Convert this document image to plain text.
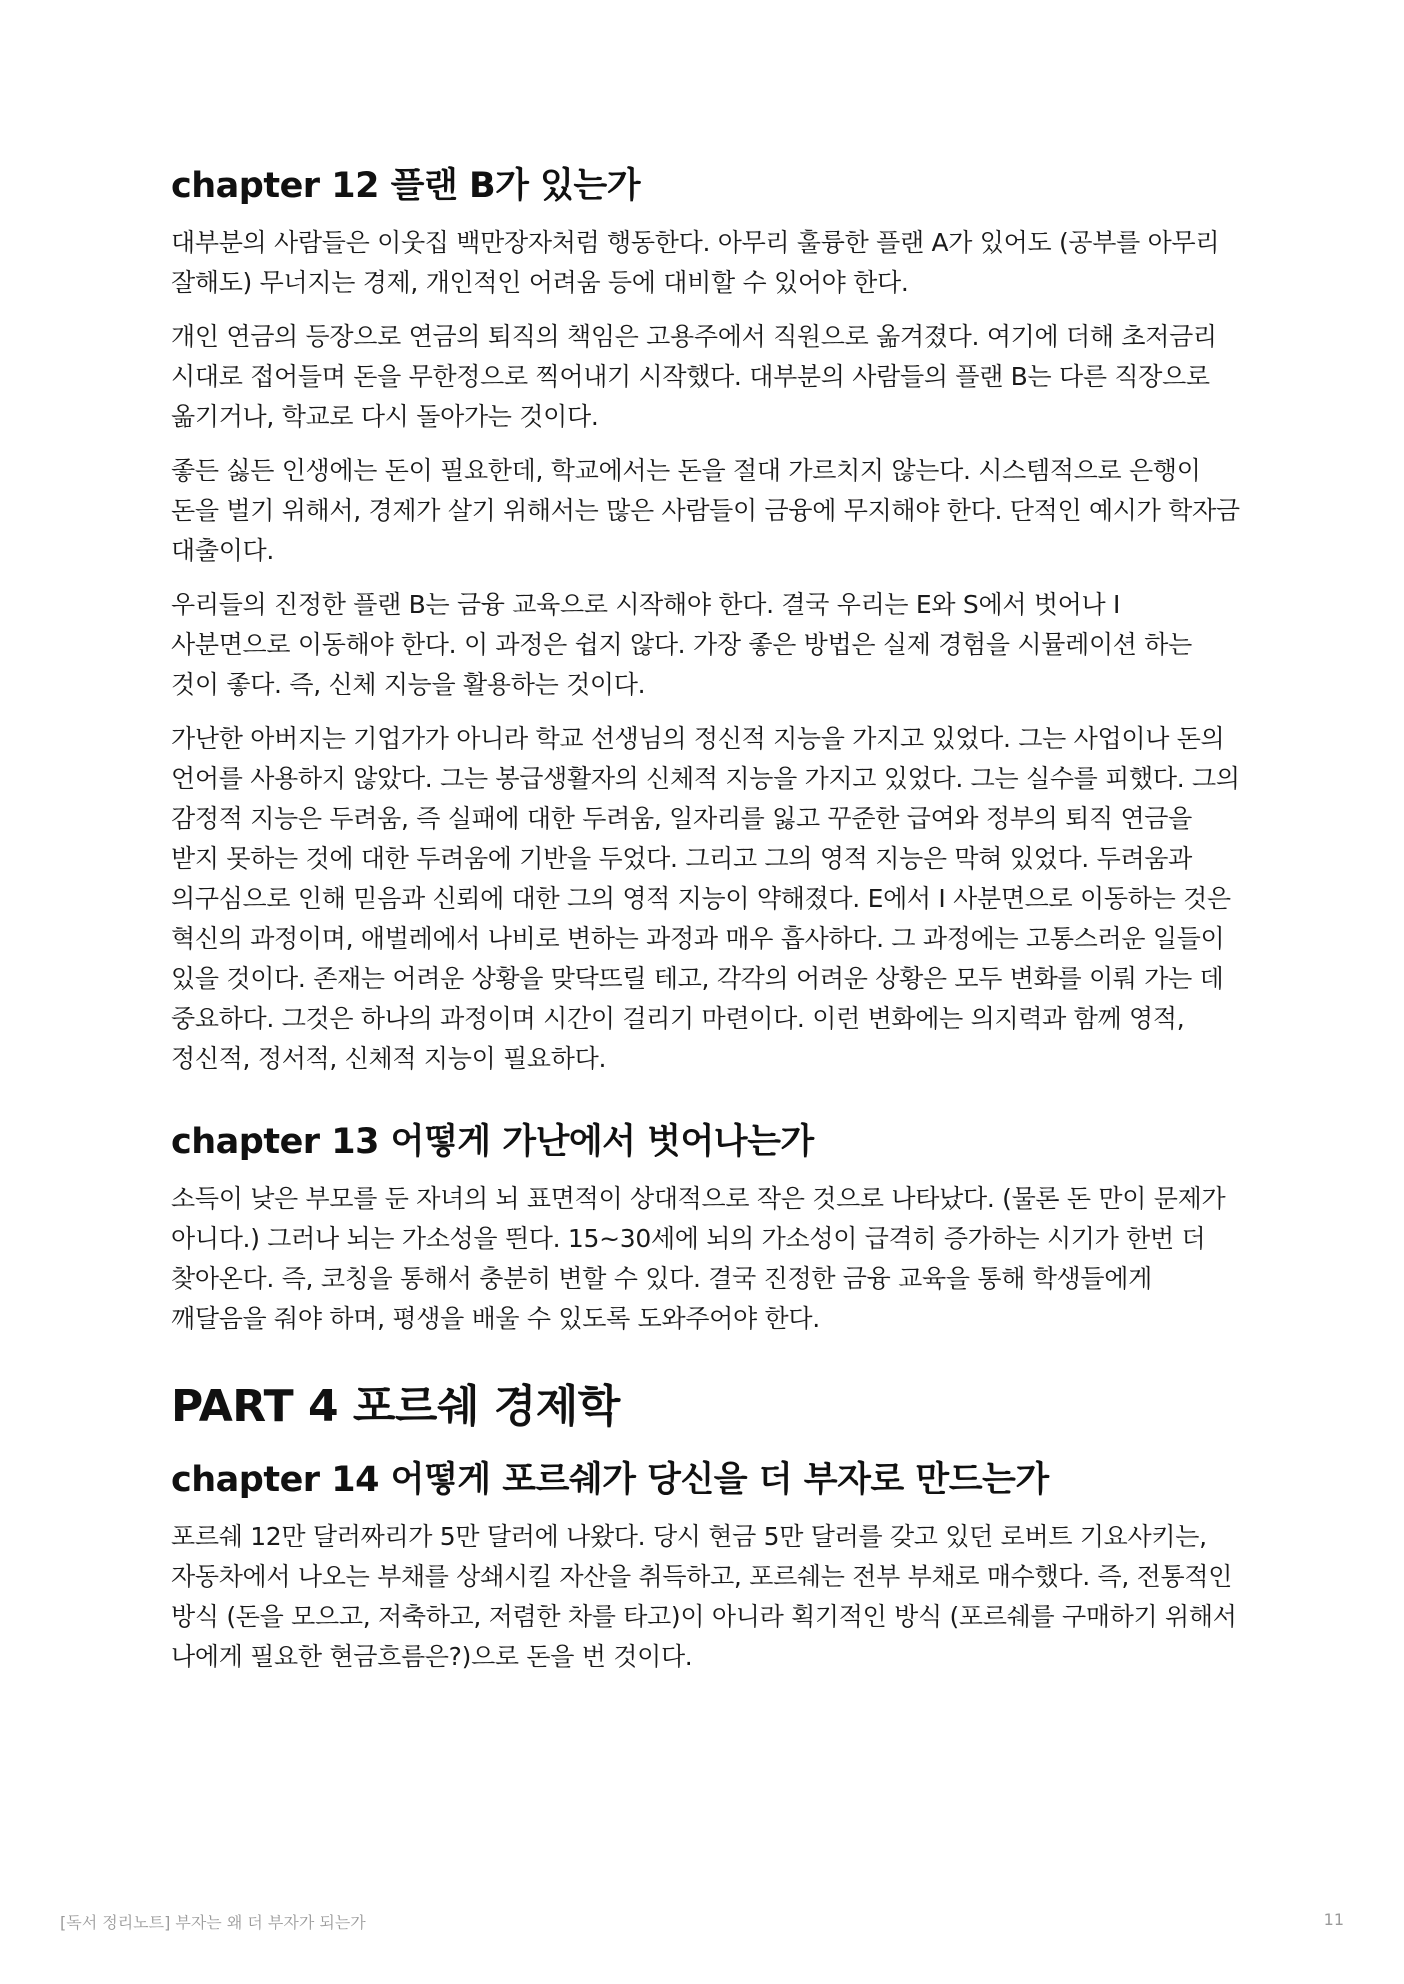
chapter 12 플랜 B가 있는가

대부분의 사람들은 이웃집 백만장자처럼 행동한다. 아무리 훌륭한 플랜 A가 있어도 (공부를 아무리 잘해도) 무너지는 경제, 개인적인 어려움 등에 대비할 수 있어야 한다.

개인 연금의 등장으로 연금의 퇴직의 책임은 고용주에서 직원으로 옮겨졌다. 여기에 더해 초저금리 시대로 접어들며 돈을 무한정으로 찍어내기 시작했다. 대부분의 사람들의 플랜 B는 다른 직장으로 옮기거나, 학교로 다시 돌아가는 것이다.

좋든 싫든 인생에는 돈이 필요한데, 학교에서는 돈을 절대 가르치지 않는다. 시스템적으로 은행이 돈을 벌기 위해서, 경제가 살기 위해서는 많은 사람들이 금융에 무지해야 한다. 단적인 예시가 학자금 대출이다.

우리들의 진정한 플랜 B는 금융 교육으로 시작해야 한다. 결국 우리는 E와 S에서 벗어나 I 사분면으로 이동해야 한다. 이 과정은 쉽지 않다. 가장 좋은 방법은 실제 경험을 시뮬레이션 하는 것이 좋다. 즉, 신체 지능을 활용하는 것이다.

가난한 아버지는 기업가가 아니라 학교 선생님의 정신적 지능을 가지고 있었다. 그는 사업이나 돈의 언어를 사용하지 않았다. 그는 봉급생활자의 신체적 지능을 가지고 있었다. 그는 실수를 피했다. 그의 감정적 지능은 두려움, 즉 실패에 대한 두려움, 일자리를 잃고 꾸준한 급여와 정부의 퇴직 연금을 받지 못하는 것에 대한 두려움에 기반을 두었다. 그리고 그의 영적 지능은 막혀 있었다. 두려움과 의구심으로 인해 믿음과 신뢰에 대한 그의 영적 지능이 약해졌다. E에서 I 사분면으로 이동하는 것은 혁신의 과정이며, 애벌레에서 나비로 변하는 과정과 매우 흡사하다. 그 과정에는 고통스러운 일들이 있을 것이다. 존재는 어려운 상황을 맞닥뜨릴 테고, 각각의 어려운 상황은 모두 변화를 이뤄 가는 데 중요하다. 그것은 하나의 과정이며 시간이 걸리기 마련이다. 이런 변화에는 의지력과 함께 영적, 정신적, 정서적, 신체적 지능이 필요하다.

chapter 13 어떻게 가난에서 벗어나는가

소득이 낮은 부모를 둔 자녀의 뇌 표면적이 상대적으로 작은 것으로 나타났다. (물론 돈 만이 문제가 아니다.) 그러나 뇌는 가소성을 띈다. 15~30세에 뇌의 가소성이 급격히 증가하는 시기가 한번 더 찾아온다. 즉, 코칭을 통해서 충분히 변할 수 있다. 결국 진정한 금융 교육을 통해 학생들에게 깨달음을 줘야 하며, 평생을 배울 수 있도록 도와주어야 한다.

PART 4 포르쉐 경제학
chapter 14 어떻게 포르쉐가 당신을 더 부자로 만드는가

포르쉐 12만 달러짜리가 5만 달러에 나왔다. 당시 현금 5만 달러를 갖고 있던 로버트 기요사키는, 자동차에서 나오는 부채를 상쇄시킬 자산을 취득하고, 포르쉐는 전부 부채로 매수했다. 즉, 전통적인 방식 (돈을 모으고, 저축하고, 저렴한 차를 타고)이 아니라 획기적인 방식 (포르쉐를 구매하기 위해서 나에게 필요한 현금흐름은?)으로 돈을 번 것이다.

[독서 정리노트] 부자는 왜 더 부자가 되는가	11
